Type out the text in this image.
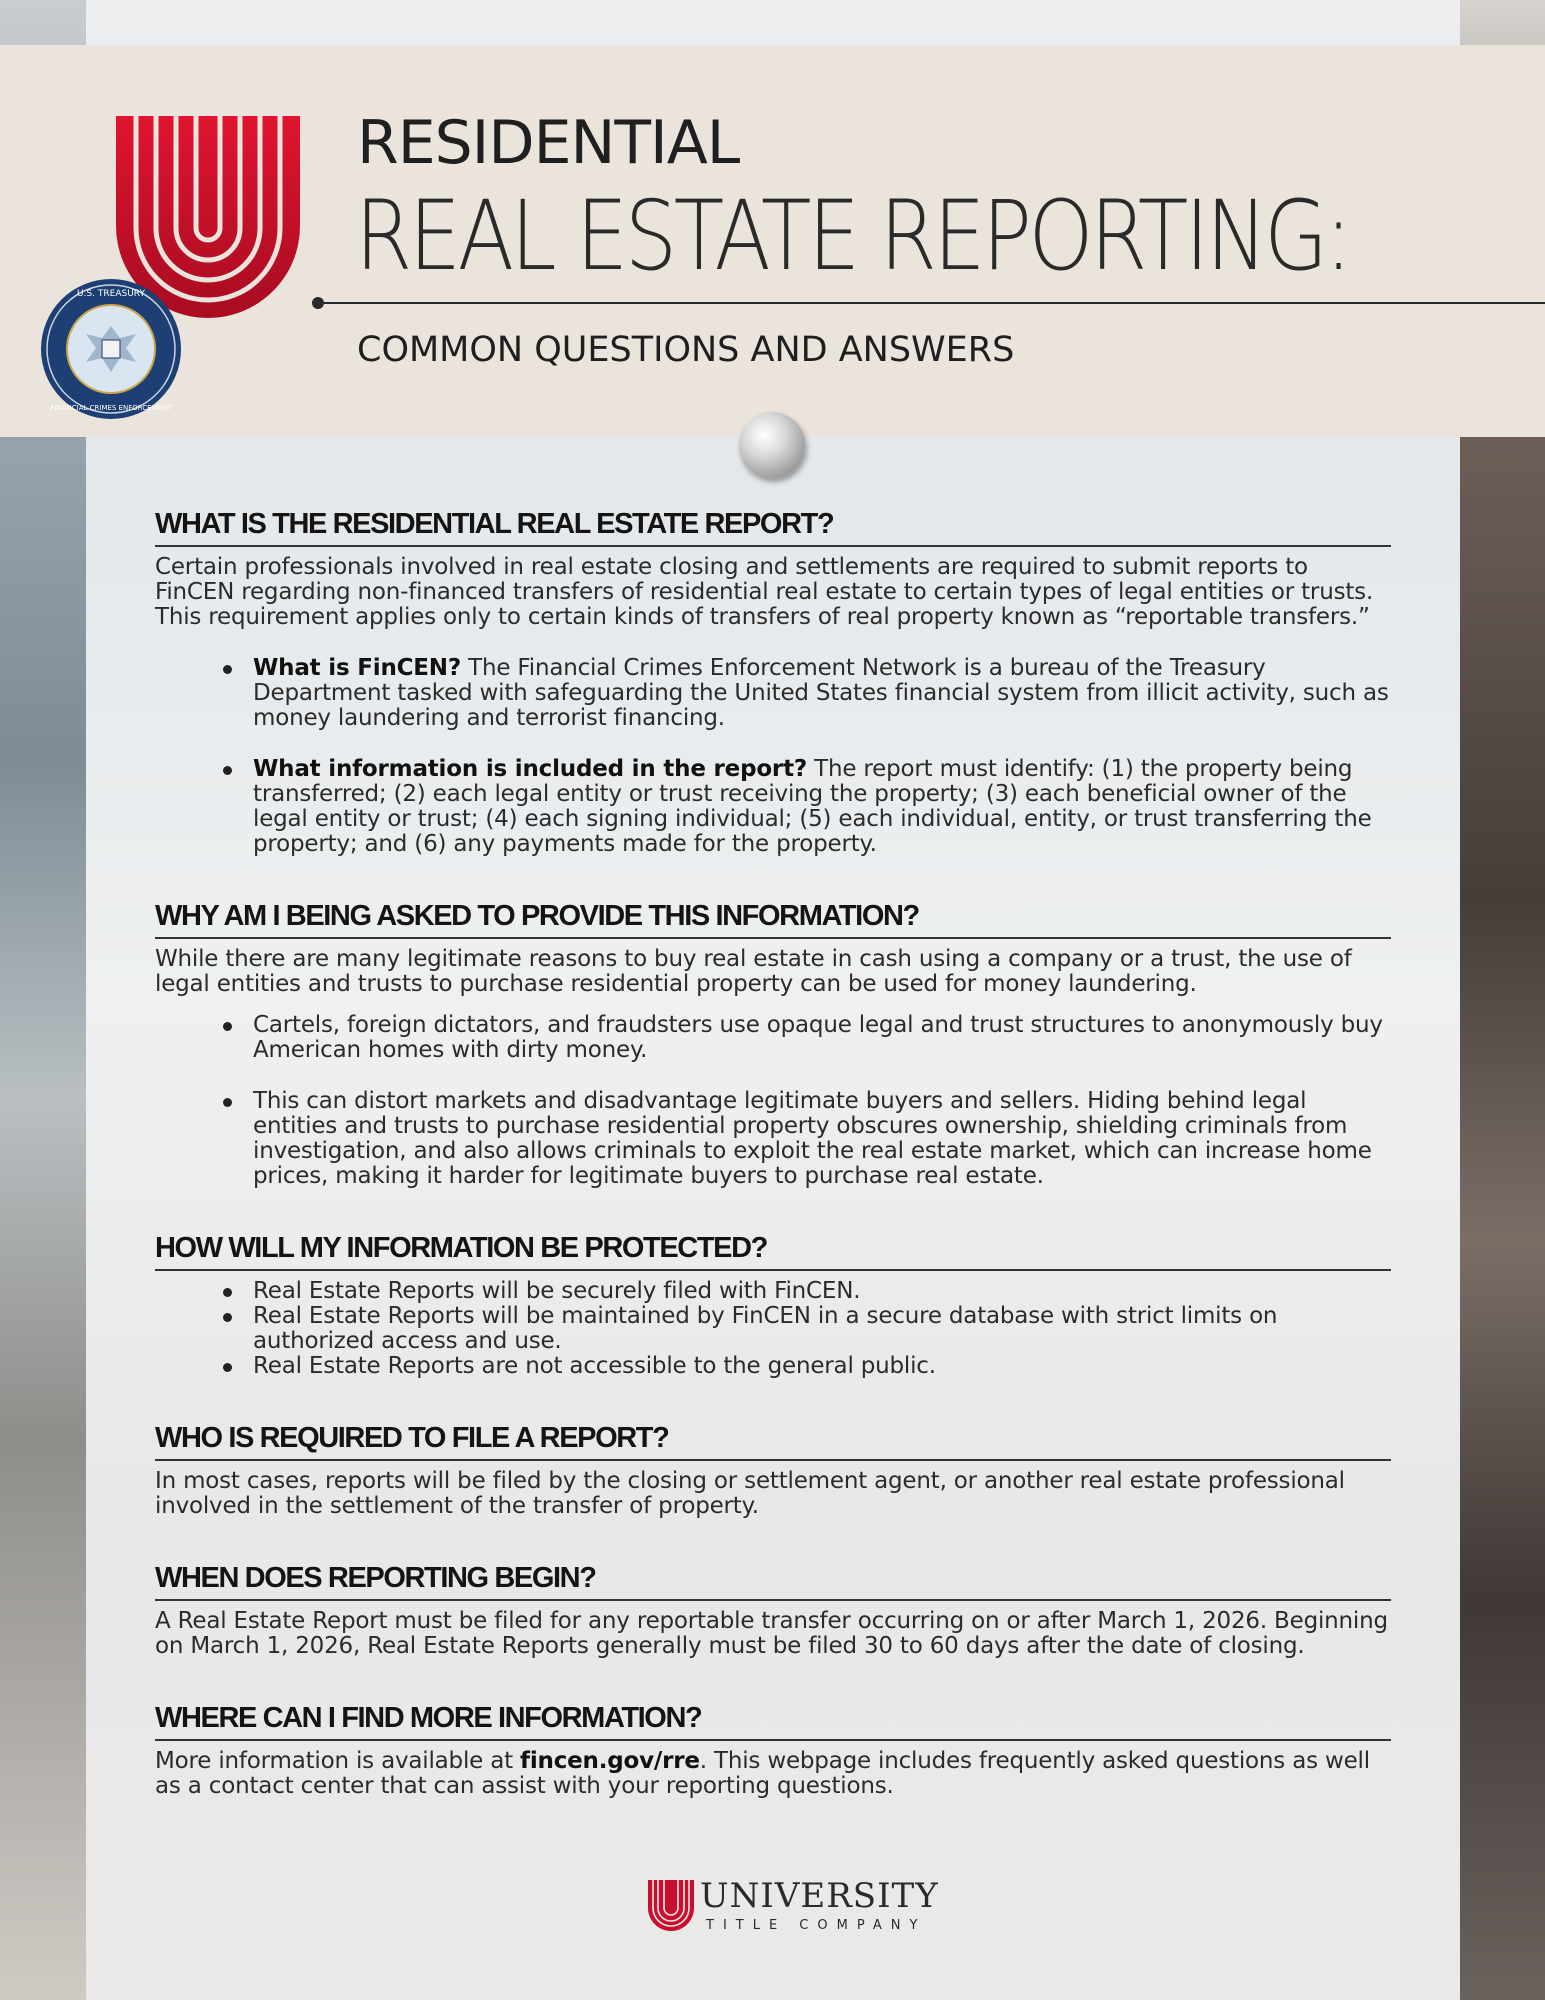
U.S. TREASURY
FINANCIAL CRIMES ENFORCEMENT
RESIDENTIAL
REAL ESTATE REPORTING:
COMMON QUESTIONS AND ANSWERS
WHAT IS THE RESIDENTIAL REAL ESTATE REPORT?

Certain professionals involved in real estate closing and settlements are required to submit reports to FinCEN regarding non-financed transfers of residential real estate to certain types of legal entities or trusts. This requirement applies only to certain kinds of transfers of real property known as “reportable transfers.”

What is FinCEN? The Financial Crimes Enforcement Network is a bureau of the Treasury Department tasked with safeguarding the United States financial system from illicit activity, such as money laundering and terrorist financing.
What information is included in the report? The report must identify: (1) the property being transferred; (2) each legal entity or trust receiving the property; (3) each beneficial owner of the legal entity or trust; (4) each signing individual; (5) each individual, entity, or trust transferring the property; and (6) any payments made for the property.
WHY AM I BEING ASKED TO PROVIDE THIS INFORMATION?

While there are many legitimate reasons to buy real estate in cash using a company or a trust, the use of legal entities and trusts to purchase residential property can be used for money laundering.

Cartels, foreign dictators, and fraudsters use opaque legal and trust structures to anonymously buy American homes with dirty money.
This can distort markets and disadvantage legitimate buyers and sellers. Hiding behind legal entities and trusts to purchase residential property obscures ownership, shielding criminals from investigation, and also allows criminals to exploit the real estate market, which can increase home prices, making it harder for legitimate buyers to purchase real estate.
HOW WILL MY INFORMATION BE PROTECTED?
Real Estate Reports will be securely filed with FinCEN.
Real Estate Reports will be maintained by FinCEN in a secure database with strict limits on authorized access and use.
Real Estate Reports are not accessible to the general public.
WHO IS REQUIRED TO FILE A REPORT?

In most cases, reports will be filed by the closing or settlement agent, or another real estate professional involved in the settlement of the transfer of property.

WHEN DOES REPORTING BEGIN?

A Real Estate Report must be filed for any reportable transfer occurring on or after March 1, 2026. Beginning on March 1, 2026, Real Estate Reports generally must be filed 30 to 60 days after the date of closing.

WHERE CAN I FIND MORE INFORMATION?

More information is available at fincen.gov/rre. This webpage includes frequently asked questions as well as a contact center that can assist with your reporting questions.

UNIVERSITY
TITLE COMPANY
